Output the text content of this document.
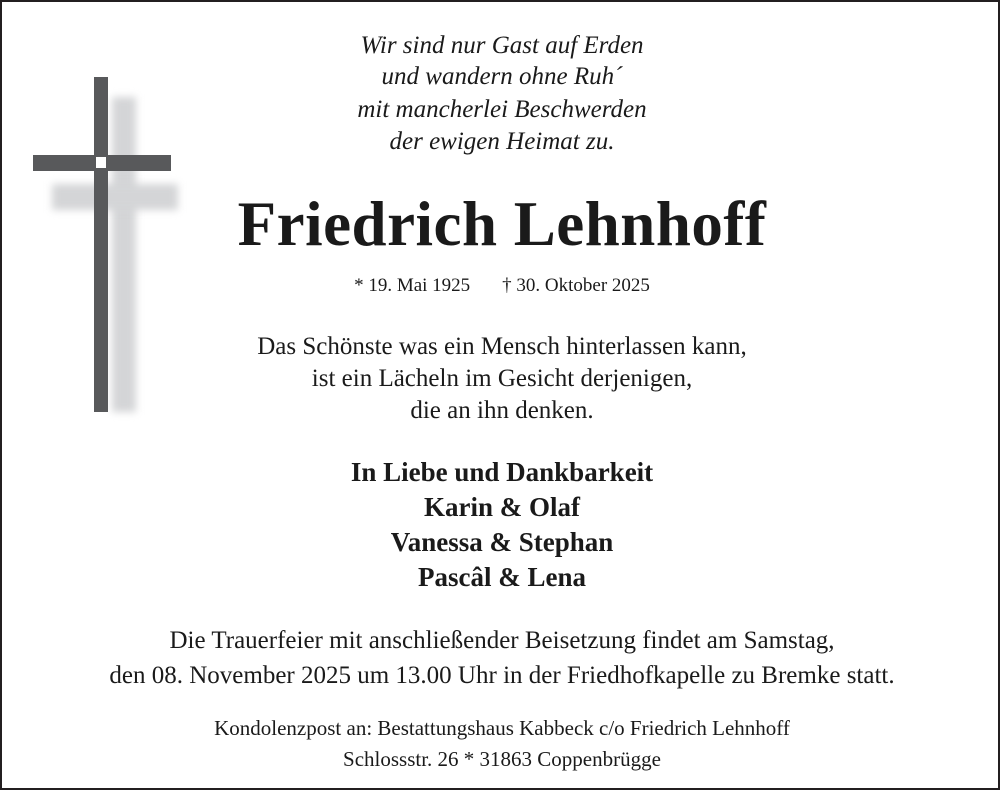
Wir sind nur Gast auf Erden
und wandern ohne Ruh´
mit mancherlei Beschwerden
der ewigen Heimat zu.
Friedrich Lehnhoff
* 19. Mai 1925 † 30. Oktober 2025
Das Schönste was ein Mensch hinterlassen kann,
ist ein Lächeln im Gesicht derjenigen,
die an ihn denken.
In Liebe und Dankbarkeit
Karin & Olaf
Vanessa & Stephan
Pascâl & Lena
Die Trauerfeier mit anschließender Beisetzung findet am Samstag,
den 08. November 2025 um 13.00 Uhr in der Friedhofkapelle zu Bremke statt.
Kondolenzpost an: Bestattungshaus Kabbeck c/o Friedrich Lehnhoff
Schlossstr. 26 * 31863 Coppenbrügge
